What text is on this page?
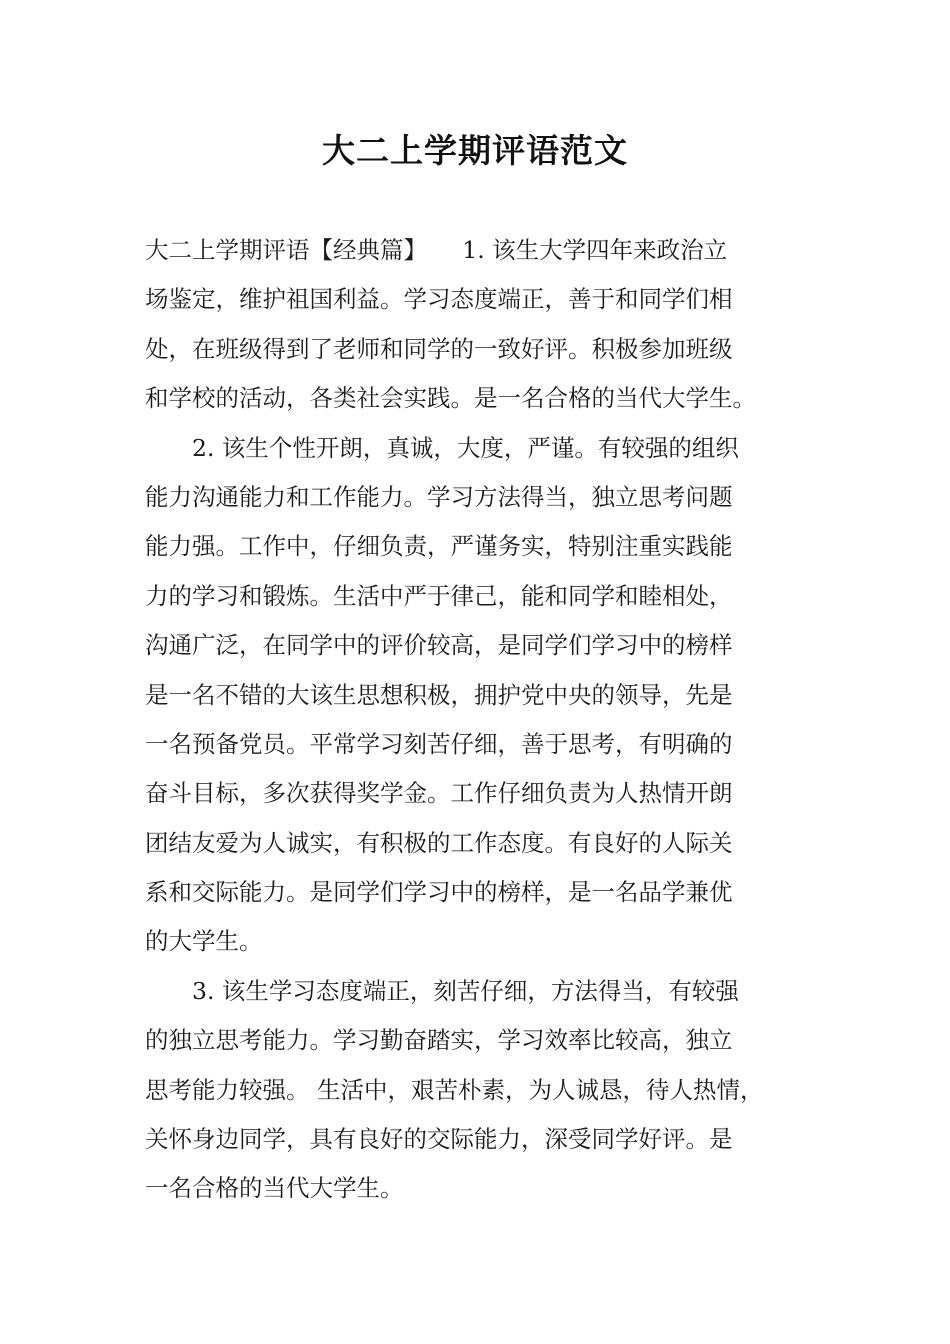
大二上学期评语范文
大二上学期评语【经典篇】　　1. 该生大学四年来政治立
场鉴定，维护祖国利益。学习态度端正，善于和同学们相
处，在班级得到了老师和同学的一致好评。积极参加班级
和学校的活动，各类社会实践。是一名合格的当代大学生。
　　2. 该生个性开朗，真诚，大度，严谨。有较强的组织
能力沟通能力和工作能力。学习方法得当，独立思考问题
能力强。工作中，仔细负责，严谨务实，特别注重实践能
力的学习和锻炼。生活中严于律己，能和同学和睦相处，
沟通广泛，在同学中的评价较高，是同学们学习中的榜样
是一名不错的大该生思想积极，拥护党中央的领导，先是
一名预备党员。平常学习刻苦仔细，善于思考，有明确的
奋斗目标，多次获得奖学金。工作仔细负责为人热情开朗
团结友爱为人诚实，有积极的工作态度。有良好的人际关
系和交际能力。是同学们学习中的榜样，是一名品学兼优
的大学生。
　　3. 该生学习态度端正，刻苦仔细，方法得当，有较强
的独立思考能力。学习勤奋踏实，学习效率比较高，独立
思考能力较强。 生活中，艰苦朴素，为人诚恳，待人热情，
关怀身边同学，具有良好的交际能力，深受同学好评。是
一名合格的当代大学生。
